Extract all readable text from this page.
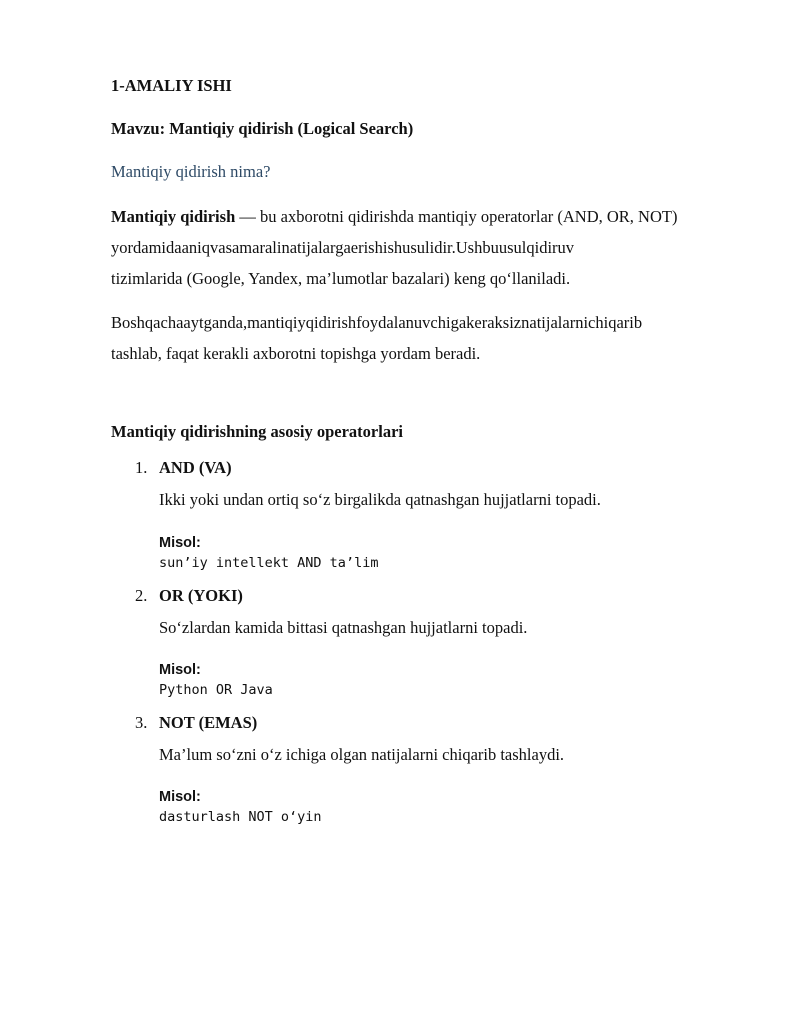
1-AMALIY ISHI
Mavzu: Mantiqiy qidirish (Logical Search)
Mantiqiy qidirish nima?
Mantiqiy qidirish — bu axborotni qidirishda mantiqiy operatorlar (AND, OR, NOT)
yordamidaaniqvasamaralinatijalargaerishishusulidir.Ushbuusulqidiruv
tizimlarida (Google, Yandex, ma’lumotlar bazalari) keng qo‘llaniladi.
Boshqachaaytganda,mantiqiyqidirishfoydalanuvchigakeraksiznatijalarnichiqarib
tashlab, faqat kerakli axborotni topishga yordam beradi.
Mantiqiy qidirishning asosiy operatorlari
1. AND (VA)
Ikki yoki undan ortiq so‘z birgalikda qatnashgan hujjatlarni topadi.
Misol:
sun’iy intellekt AND ta’lim
2. OR (YOKI)
So‘zlardan kamida bittasi qatnashgan hujjatlarni topadi.
Misol:
Python OR Java
3. NOT (EMAS)
Ma’lum so‘zni o‘z ichiga olgan natijalarni chiqarib tashlaydi.
Misol:
dasturlash NOT o‘yin
